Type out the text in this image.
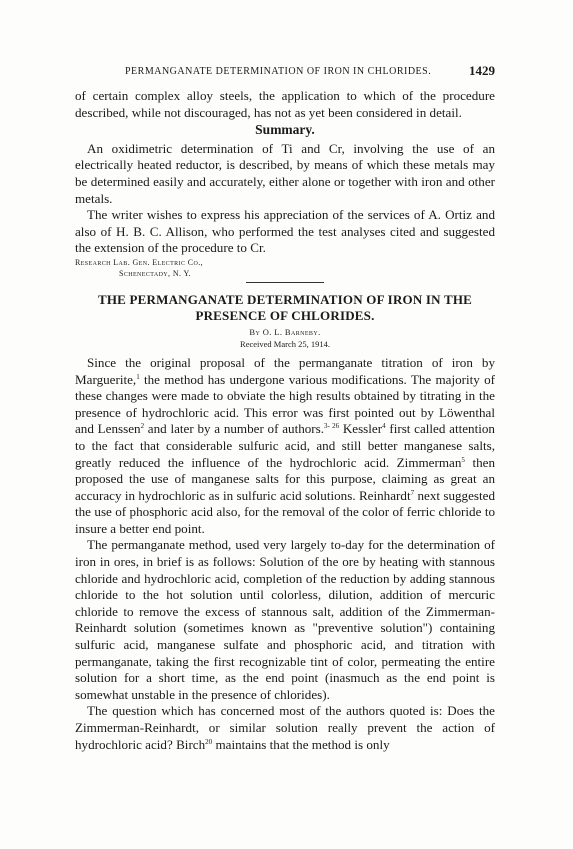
PERMANGANATE DETERMINATION OF IRON IN CHLORIDES.	1429

of certain complex alloy steels, the application to which of the procedure described, while not discouraged, has not as yet been considered in detail.

Summary.

An oxidimetric determination of Ti and Cr, involving the use of an electrically heated reductor, is described, by means of which these metals may be determined easily and accurately, either alone or together with iron and other metals.

The writer wishes to express his appreciation of the services of A. Ortiz and also of H. B. C. Allison, who performed the test analyses cited and suggested the extension of the procedure to Cr.

Research Lab. Gen. Electric Co.,
Schenectady, N. Y.
THE PERMANGANATE DETERMINATION OF IRON IN THE PRESENCE OF CHLORIDES.
By O. L. Barneby.
Received March 25, 1914.

Since the original proposal of the permanganate titration of iron by Marguerite,$^1$ the method has undergone various modifications. The majority of these changes were made to obviate the high results obtained by titrating in the presence of hydrochloric acid. This error was first pointed out by Löwenthal and Lenssen$^2$ and later by a number of authors.$^{3- 26}$ Kessler$^4$ first called attention to the fact that considerable sulfuric acid, and still better manganese salts, greatly reduced the influence of the hydrochloric acid. Zimmerman$^5$ then proposed the use of manganese salts for this purpose, claiming as great an accuracy in hydrochloric as in sulfuric acid solutions. Reinhardt$^7$ next suggested the use of phosphoric acid also, for the removal of the color of ferric chloride to insure a better end point.

The permanganate method, used very largely to-day for the determination of iron in ores, in brief is as follows: Solution of the ore by heating with stannous chloride and hydrochloric acid, completion of the reduction by adding stannous chloride to the hot solution until colorless, dilution, addition of mercuric chloride to remove the excess of stannous salt, addition of the Zimmerman-Reinhardt solution (sometimes known as "preventive solution") containing sulfuric acid, manganese sulfate and phosphoric acid, and titration with permanganate, taking the first recognizable tint of color, permeating the entire solution for a short time, as the end point (inasmuch as the end point is somewhat unstable in the presence of chlorides).

The question which has concerned most of the authors quoted is: Does the Zimmerman-Reinhardt, or similar solution really prevent the action of hydrochloric acid? Birch$^{20}$ maintains that the method is only
